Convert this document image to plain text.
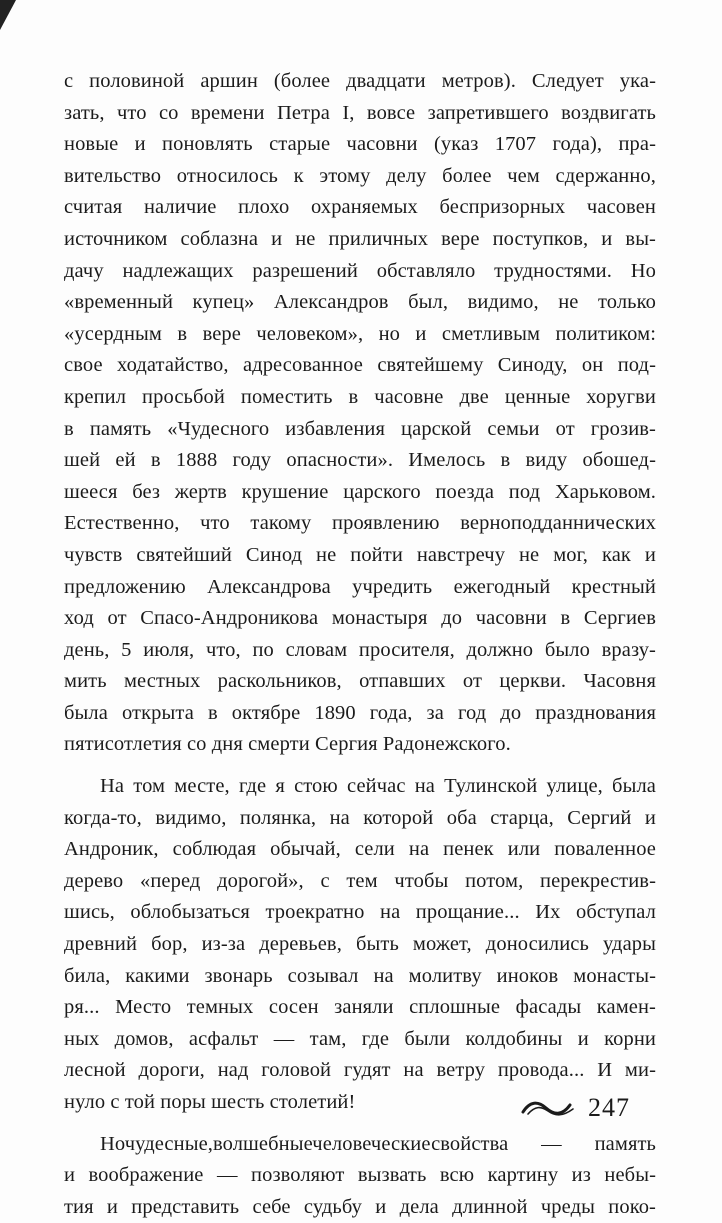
с половиной аршин (более двадцати метров). Следует ука-
зать, что со времени Петра I, вовсе запретившего воздвигать
новые и поновлять старые часовни (указ 1707 года), пра-
вительство относилось к этому делу более чем сдержанно,
считая наличие плохо охраняемых беспризорных часовен
источником соблазна и не приличных вере поступков, и вы-
дачу надлежащих разрешений обставляло трудностями. Но
«временный купец» Александров был, видимо, не только
«усердным в вере человеком», но и сметливым политиком:
свое ходатайство, адресованное святейшему Синоду, он под-
крепил просьбой поместить в часовне две ценные хоругви
в память «Чудесного избавления царской семьи от грозив-
шей ей в 1888 году опасности». Имелось в виду обошед-
шееся без жертв крушение царского поезда под Харьковом.
Естественно, что такому проявлению верноподданнических
чувств святейший Синод не пойти навстречу не мог, как и
предложению Александрова учредить ежегодный крестный
ход от Спасо-Андроникова монастыря до часовни в Сергиев
день, 5 июля, что, по словам просителя, должно было вразу-
мить местных раскольников, отпавших от церкви. Часовня
была открыта в октябре 1890 года, за год до празднования
пятисотлетия со дня смерти Сергия Радонежского.
На том месте, где я стою сейчас на Тулинской улице, была
когда-то, видимо, полянка, на которой оба старца, Сергий и
Андроник, соблюдая обычай, сели на пенек или поваленное
дерево «перед дорогой», с тем чтобы потом, перекрестив-
шись, облобызаться троекратно на прощание... Их обступал
древний бор, из-за деревьев, быть может, доносились удары
била, какими звонарь созывал на молитву иноков монасты-
ря... Место темных сосен заняли сплошные фасады камен-
ных домов, асфальт — там, где были колдобины и корни
лесной дороги, над головой гудят на ветру провода... И ми-
нуло с той поры шесть столетий!
Ночудесные,волшебныечеловеческиесвойства — память
и воображение — позволяют вызвать всю картину из небы-
тия и представить себе судьбу и дела длинной чреды поко-
247
